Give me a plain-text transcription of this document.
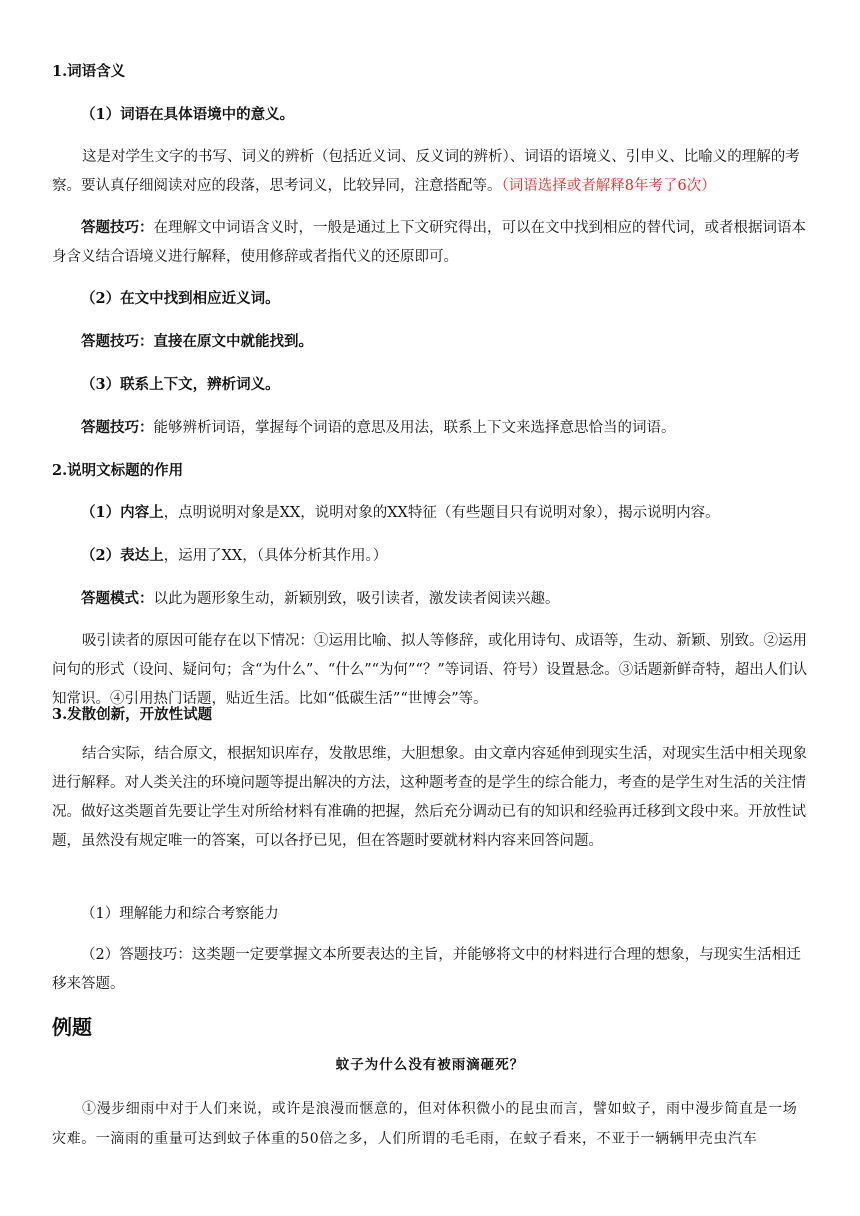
1.词语含义

（1）词语在具体语境中的意义。

这是对学生文字的书写、词义的辨析（包括近义词、反义词的辨析）、词语的语境义、引申义、比喻义的理解的考察。要认真仔细阅读对应的段落，思考词义，比较异同，注意搭配等。（词语选择或者解释8年考了6次）

答题技巧：在理解文中词语含义时，一般是通过上下文研究得出，可以在文中找到相应的替代词，或者根据词语本身含义结合语境义进行解释，使用修辞或者指代义的还原即可。

（2）在文中找到相应近义词。

答题技巧：直接在原文中就能找到。

（3）联系上下文，辨析词义。

答题技巧：能够辨析词语，掌握每个词语的意思及用法，联系上下文来选择意思恰当的词语。

2.说明文标题的作用

（1）内容上，点明说明对象是XX，说明对象的XX特征（有些题目只有说明对象），揭示说明内容。

（2）表达上，运用了XX，（具体分析其作用。）

答题模式：以此为题形象生动，新颖别致，吸引读者，激发读者阅读兴趣。

吸引读者的原因可能存在以下情况：①运用比喻、拟人等修辞，或化用诗句、成语等，生动、新颖、别致。②运用问句的形式（设问、疑问句；含“为什么”、“什么”“为何”“？”等词语、符号）设置悬念。③话题新鲜奇特，超出人们认知常识。④引用热门话题，贴近生活。比如“低碳生活”“世博会”等。

3.发散创新，开放性试题

结合实际，结合原文，根据知识库存，发散思维，大胆想象。由文章内容延伸到现实生活，对现实生活中相关现象进行解释。对人类关注的环境问题等提出解决的方法，这种题考查的是学生的综合能力，考查的是学生对生活的关注情况。做好这类题首先要让学生对所给材料有准确的把握，然后充分调动已有的知识和经验再迁移到文段中来。开放性试题，虽然没有规定唯一的答案，可以各抒已见，但在答题时要就材料内容来回答问题。

（1）理解能力和综合考察能力

（2）答题技巧：这类题一定要掌握文本所要表达的主旨，并能够将文中的材料进行合理的想象，与现实生活相迁移来答题。

例题

蚊子为什么没有被雨滴砸死？

①漫步细雨中对于人们来说，或许是浪漫而惬意的，但对体积微小的昆虫而言，譬如蚊子，雨中漫步简直是一场灾难。一滴雨的重量可达到蚊子体重的50倍之多，人们所谓的毛毛雨，在蚊子看来，不亚于一辆辆甲壳虫汽车
